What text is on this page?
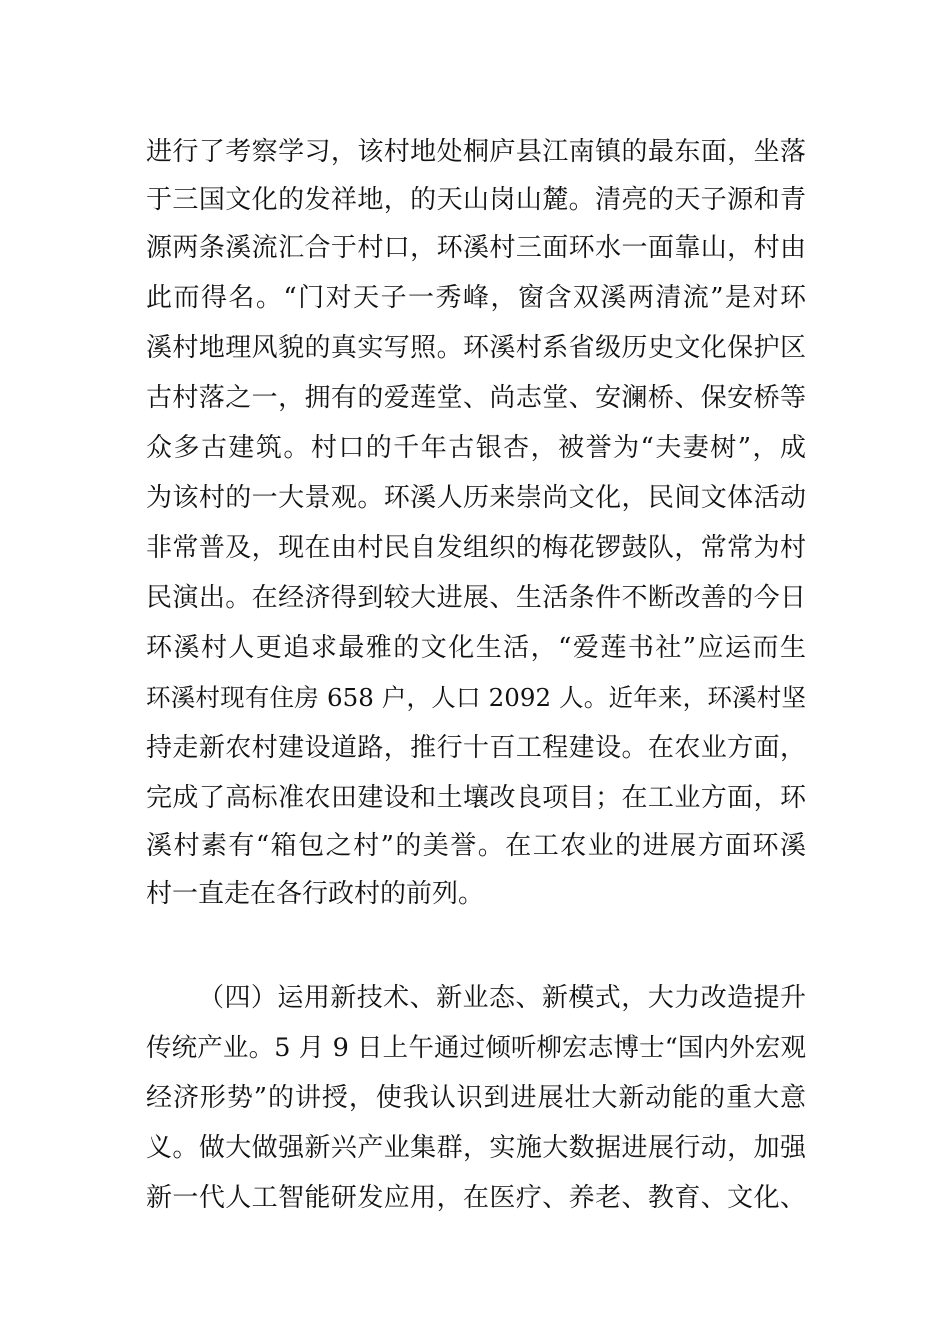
进行了考察学习，该村地处桐庐县江南镇的最东面，坐落
于三国文化的发祥地，的天山岗山麓。清亮的天子源和青
源两条溪流汇合于村口，环溪村三面环水一面靠山，村由
此而得名。“门对天子一秀峰，窗含双溪两清流”是对环
溪村地理风貌的真实写照。环溪村系省级历史文化保护区
古村落之一，拥有的爱莲堂、尚志堂、安澜桥、保安桥等
众多古建筑。村口的千年古银杏，被誉为“夫妻树”，成
为该村的一大景观。环溪人历来崇尚文化，民间文体活动
非常普及，现在由村民自发组织的梅花锣鼓队，常常为村
民演出。在经济得到较大进展、生活条件不断改善的今日
环溪村人更追求最雅的文化生活，“爱莲书社”应运而生
环溪村现有住房 658 户，人口 2092 人。近年来，环溪村坚
持走新农村建设道路，推行十百工程建设。在农业方面，
完成了高标准农田建设和土壤改良项目；在工业方面，环
溪村素有“箱包之村”的美誉。在工农业的进展方面环溪
村一直走在各行政村的前列。
（四）运用新技术、新业态、新模式，大力改造提升
传统产业。5 月 9 日上午通过倾听柳宏志博士“国内外宏观
经济形势”的讲授，使我认识到进展壮大新动能的重大意
义。做大做强新兴产业集群，实施大数据进展行动，加强
新一代人工智能研发应用，在医疗、养老、教育、文化、
